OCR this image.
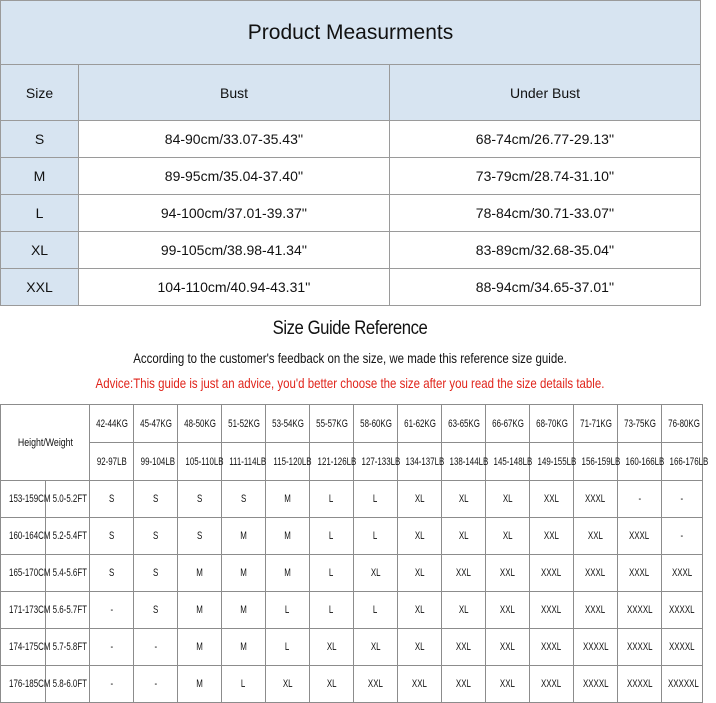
Product Measurments		
Size	Bust	Under Bust
S	84-90cm/33.07-35.43''	68-74cm/26.77-29.13''
M	89-95cm/35.04-37.40''	73-79cm/28.74-31.10''
L	94-100cm/37.01-39.37''	78-84cm/30.71-33.07''
XL	99-105cm/38.98-41.34''	83-89cm/32.68-35.04''
XXL	104-110cm/40.94-43.31''	88-94cm/34.65-37.01''
Size Guide Reference
According to the customer's feedback on the size, we made this reference size guide.
Advice:This guide is just an advice, you'd better choose the size after you read the size details table.
Height/Weight		42-44KG	45-47KG	48-50KG	51-52KG	53-54KG	55-57KG	58-60KG	61-62KG	63-65KG	66-67KG	68-70KG	71-71KG	73-75KG	76-80KG
		92-97LB	99-104LB	105-110LB	111-114LB	115-120LB	121-126LB	127-133LB	134-137LB	138-144LB	145-148LB	149-155LB	156-159LB	160-166LB	166-176LB
153-159CM	5.0-5.2FT	S	S	S	S	M	L	L	XL	XL	XL	XXL	XXXL	-	-
160-164CM	5.2-5.4FT	S	S	S	M	M	L	L	XL	XL	XL	XXL	XXL	XXXL	-
165-170CM	5.4-5.6FT	S	S	M	M	M	L	XL	XL	XXL	XXL	XXXL	XXXL	XXXL	XXXL
171-173CM	5.6-5.7FT	-	S	M	M	L	L	L	XL	XL	XXL	XXXL	XXXL	XXXXL	XXXXL
174-175CM	5.7-5.8FT	-	-	M	M	L	XL	XL	XL	XXL	XXL	XXXL	XXXXL	XXXXL	XXXXL
176-185CM	5.8-6.0FT	-	-	M	L	XL	XL	XXL	XXL	XXL	XXL	XXXL	XXXXL	XXXXL	XXXXXL
